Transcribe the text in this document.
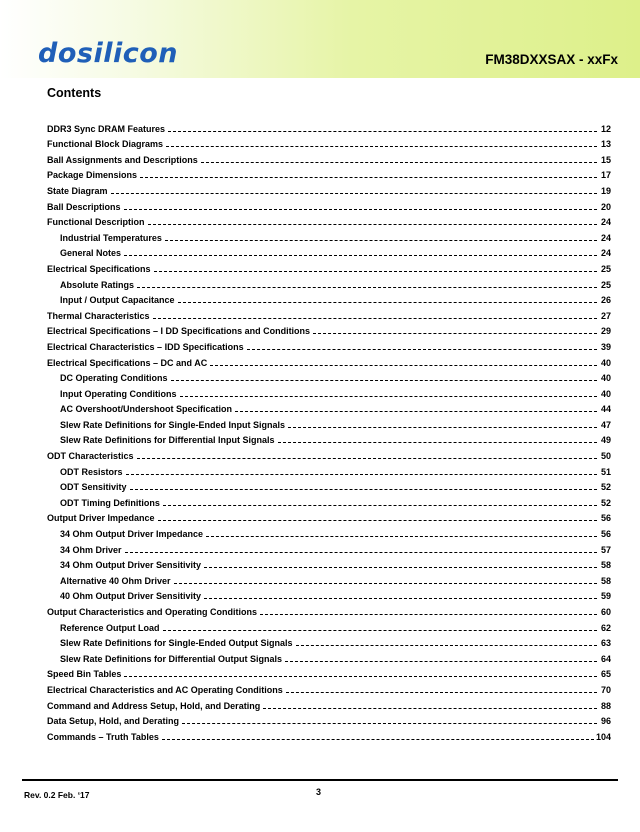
dosilicon	FM38DXXSAX - xxFx
Contents
DDR3 Sync DRAM Features	12
Functional Block Diagrams	13
Ball Assignments and Descriptions	15
Package Dimensions	17
State Diagram	19
Ball Descriptions	20
Functional Description	24
Industrial Temperatures	24
General Notes	24
Electrical Specifications	25
Absolute Ratings	25
Input / Output Capacitance	26
Thermal Characteristics	27
Electrical Specifications – I DD Specifications and Conditions	29
Electrical Characteristics – IDD Specifications	39
Electrical Specifications – DC and AC	40
DC Operating Conditions	40
Input Operating Conditions	40
AC Overshoot/Undershoot Specification	44
Slew Rate Definitions for Single-Ended Input Signals	47
Slew Rate Definitions for Differential Input Signals	49
ODT Characteristics	50
ODT Resistors	51
ODT Sensitivity	52
ODT Timing Definitions	52
Output Driver Impedance	56
34 Ohm Output Driver Impedance	56
34 Ohm Driver	57
34 Ohm Output Driver Sensitivity	58
Alternative 40 Ohm Driver	58
40 Ohm Output Driver Sensitivity	59
Output Characteristics and Operating Conditions	60
Reference Output Load	62
Slew Rate Definitions for Single-Ended Output Signals	63
Slew Rate Definitions for Differential Output Signals	64
Speed Bin Tables	65
Electrical Characteristics and AC Operating Conditions	70
Command and Address Setup, Hold, and Derating	88
Data Setup, Hold, and Derating	96
Commands – Truth Tables	104
Rev. 0.2 Feb. ‘17	3
